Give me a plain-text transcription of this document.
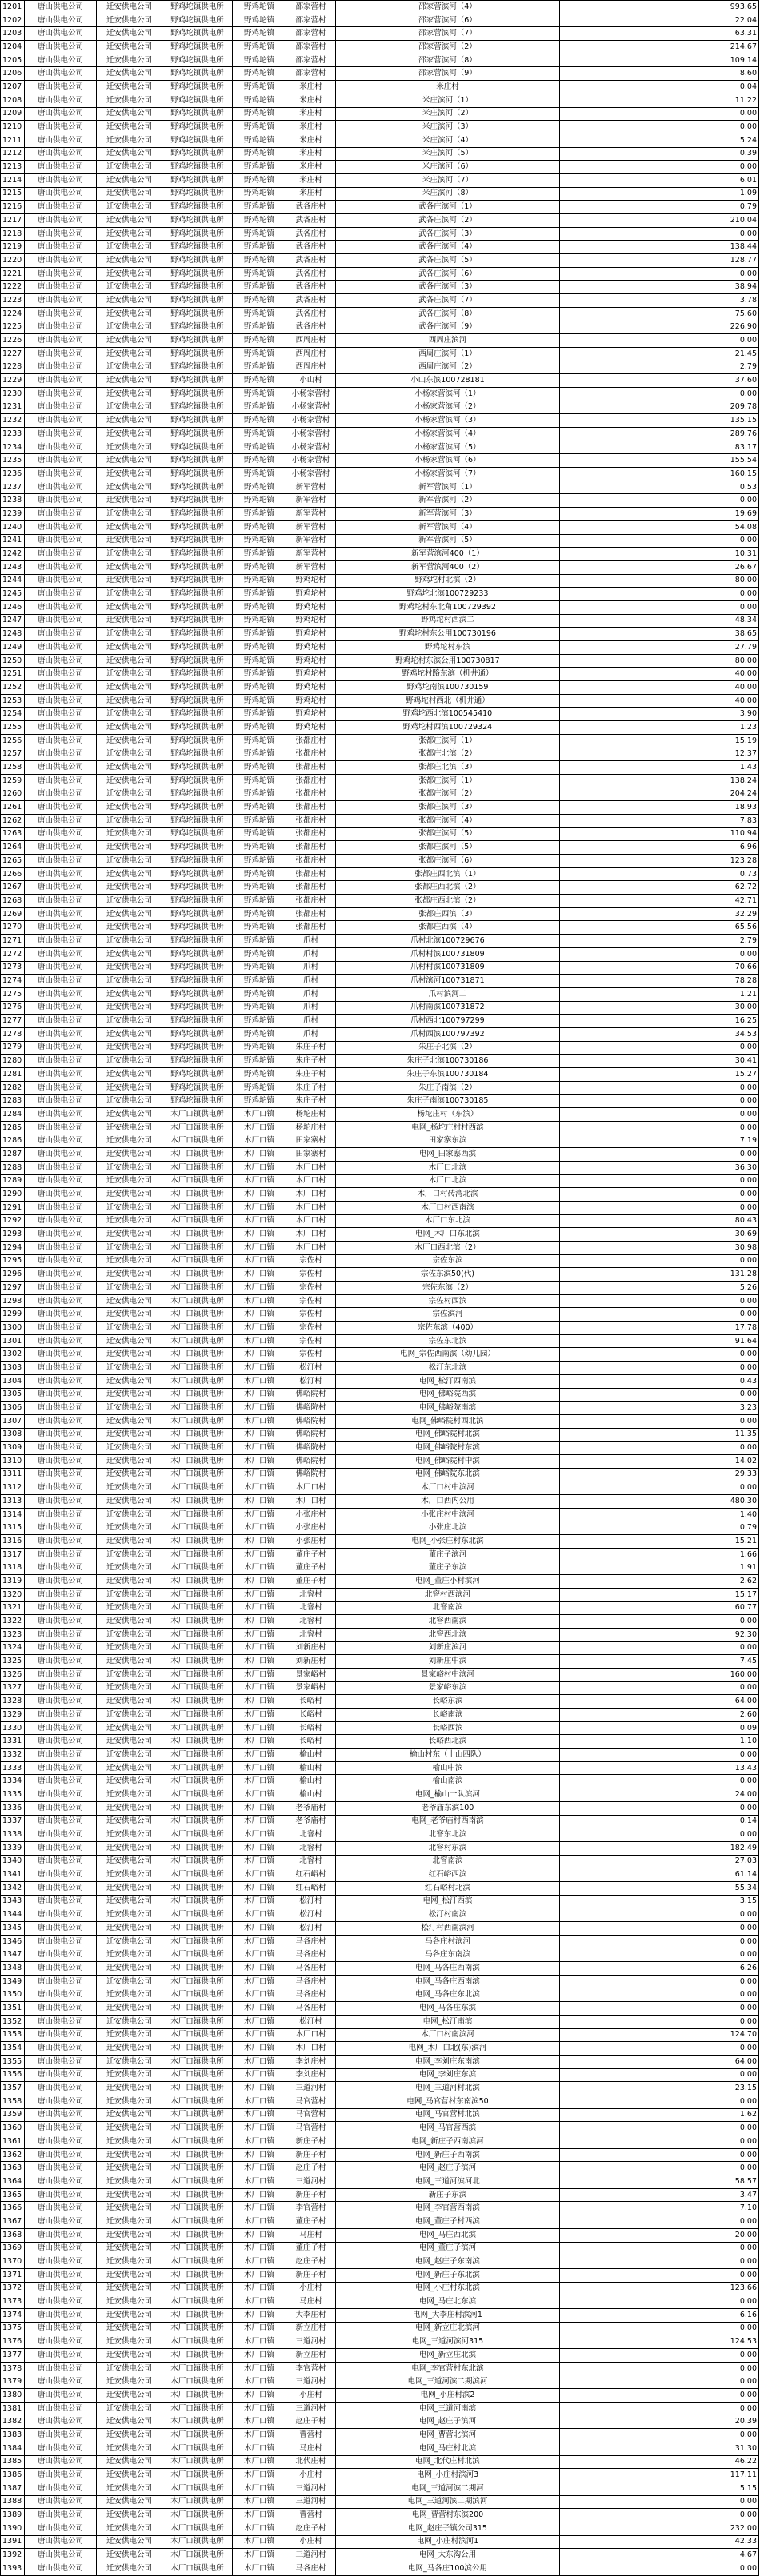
1201	唐山供电公司	迁安供电公司	野鸡坨镇供电所	野鸡坨镇	邵家营村	邵家营滨河（4）	993.65
1202	唐山供电公司	迁安供电公司	野鸡坨镇供电所	野鸡坨镇	邵家营村	邵家营滨河（6）	22.04
1203	唐山供电公司	迁安供电公司	野鸡坨镇供电所	野鸡坨镇	邵家营村	邵家营滨河（7）	63.31
1204	唐山供电公司	迁安供电公司	野鸡坨镇供电所	野鸡坨镇	邵家营村	邵家营滨河（2）	214.67
1205	唐山供电公司	迁安供电公司	野鸡坨镇供电所	野鸡坨镇	邵家营村	邵家营滨河（8）	109.14
1206	唐山供电公司	迁安供电公司	野鸡坨镇供电所	野鸡坨镇	邵家营村	邵家营滨河（9）	8.60
1207	唐山供电公司	迁安供电公司	野鸡坨镇供电所	野鸡坨镇	米庄村	米庄村	0.04
1208	唐山供电公司	迁安供电公司	野鸡坨镇供电所	野鸡坨镇	米庄村	米庄滨河（1）	11.22
1209	唐山供电公司	迁安供电公司	野鸡坨镇供电所	野鸡坨镇	米庄村	米庄滨河（2）	0.00
1210	唐山供电公司	迁安供电公司	野鸡坨镇供电所	野鸡坨镇	米庄村	米庄滨河（3）	0.00
1211	唐山供电公司	迁安供电公司	野鸡坨镇供电所	野鸡坨镇	米庄村	米庄滨河（4）	5.24
1212	唐山供电公司	迁安供电公司	野鸡坨镇供电所	野鸡坨镇	米庄村	米庄滨河（5）	0.39
1213	唐山供电公司	迁安供电公司	野鸡坨镇供电所	野鸡坨镇	米庄村	米庄滨河（6）	0.00
1214	唐山供电公司	迁安供电公司	野鸡坨镇供电所	野鸡坨镇	米庄村	米庄滨河（7）	6.01
1215	唐山供电公司	迁安供电公司	野鸡坨镇供电所	野鸡坨镇	米庄村	米庄滨河（8）	1.09
1216	唐山供电公司	迁安供电公司	野鸡坨镇供电所	野鸡坨镇	武各庄村	武各庄滨河（1）	0.79
1217	唐山供电公司	迁安供电公司	野鸡坨镇供电所	野鸡坨镇	武各庄村	武各庄滨河（2）	210.04
1218	唐山供电公司	迁安供电公司	野鸡坨镇供电所	野鸡坨镇	武各庄村	武各庄滨河（3）	0.00
1219	唐山供电公司	迁安供电公司	野鸡坨镇供电所	野鸡坨镇	武各庄村	武各庄滨河（4）	138.44
1220	唐山供电公司	迁安供电公司	野鸡坨镇供电所	野鸡坨镇	武各庄村	武各庄滨河（5）	128.77
1221	唐山供电公司	迁安供电公司	野鸡坨镇供电所	野鸡坨镇	武各庄村	武各庄滨河（6）	0.00
1222	唐山供电公司	迁安供电公司	野鸡坨镇供电所	野鸡坨镇	武各庄村	武各庄滨河（3）	38.94
1223	唐山供电公司	迁安供电公司	野鸡坨镇供电所	野鸡坨镇	武各庄村	武各庄滨河（7）	3.78
1224	唐山供电公司	迁安供电公司	野鸡坨镇供电所	野鸡坨镇	武各庄村	武各庄滨河（8）	75.60
1225	唐山供电公司	迁安供电公司	野鸡坨镇供电所	野鸡坨镇	武各庄村	武各庄滨河（9）	226.90
1226	唐山供电公司	迁安供电公司	野鸡坨镇供电所	野鸡坨镇	西周庄村	西周庄滨河	0.00
1227	唐山供电公司	迁安供电公司	野鸡坨镇供电所	野鸡坨镇	西周庄村	西周庄滨河（1）	21.45
1228	唐山供电公司	迁安供电公司	野鸡坨镇供电所	野鸡坨镇	西周庄村	西周庄滨河（2）	2.79
1229	唐山供电公司	迁安供电公司	野鸡坨镇供电所	野鸡坨镇	小山村	小山东滨100728181	37.60
1230	唐山供电公司	迁安供电公司	野鸡坨镇供电所	野鸡坨镇	小杨家营村	小杨家营滨河（1）	0.00
1231	唐山供电公司	迁安供电公司	野鸡坨镇供电所	野鸡坨镇	小杨家营村	小杨家营滨河（2）	209.78
1232	唐山供电公司	迁安供电公司	野鸡坨镇供电所	野鸡坨镇	小杨家营村	小杨家营滨河（3）	135.15
1233	唐山供电公司	迁安供电公司	野鸡坨镇供电所	野鸡坨镇	小杨家营村	小杨家营滨河（4）	289.76
1234	唐山供电公司	迁安供电公司	野鸡坨镇供电所	野鸡坨镇	小杨家营村	小杨家营滨河（5）	83.17
1235	唐山供电公司	迁安供电公司	野鸡坨镇供电所	野鸡坨镇	小杨家营村	小杨家营滨河（6）	155.54
1236	唐山供电公司	迁安供电公司	野鸡坨镇供电所	野鸡坨镇	小杨家营村	小杨家营滨河（7）	160.15
1237	唐山供电公司	迁安供电公司	野鸡坨镇供电所	野鸡坨镇	新军营村	新军营滨河（1）	0.53
1238	唐山供电公司	迁安供电公司	野鸡坨镇供电所	野鸡坨镇	新军营村	新军营滨河（2）	0.00
1239	唐山供电公司	迁安供电公司	野鸡坨镇供电所	野鸡坨镇	新军营村	新军营滨河（3）	19.69
1240	唐山供电公司	迁安供电公司	野鸡坨镇供电所	野鸡坨镇	新军营村	新军营滨河（4）	54.08
1241	唐山供电公司	迁安供电公司	野鸡坨镇供电所	野鸡坨镇	新军营村	新军营滨河（5）	0.00
1242	唐山供电公司	迁安供电公司	野鸡坨镇供电所	野鸡坨镇	新军营村	新军营滨河400（1）	10.31
1243	唐山供电公司	迁安供电公司	野鸡坨镇供电所	野鸡坨镇	新军营村	新军营滨河400（2）	26.67
1244	唐山供电公司	迁安供电公司	野鸡坨镇供电所	野鸡坨镇	野鸡坨村	野鸡坨村北滨（2）	80.00
1245	唐山供电公司	迁安供电公司	野鸡坨镇供电所	野鸡坨镇	野鸡坨村	野鸡坨北滨100729233	0.00
1246	唐山供电公司	迁安供电公司	野鸡坨镇供电所	野鸡坨镇	野鸡坨村	野鸡坨村东北角100729392	0.00
1247	唐山供电公司	迁安供电公司	野鸡坨镇供电所	野鸡坨镇	野鸡坨村	野鸡坨村西滨二	48.34
1248	唐山供电公司	迁安供电公司	野鸡坨镇供电所	野鸡坨镇	野鸡坨村	野鸡坨村东公用100730196	38.65
1249	唐山供电公司	迁安供电公司	野鸡坨镇供电所	野鸡坨镇	野鸡坨村	野鸡坨村东滨	27.79
1250	唐山供电公司	迁安供电公司	野鸡坨镇供电所	野鸡坨镇	野鸡坨村	野鸡坨村东滨公用100730817	80.00
1251	唐山供电公司	迁安供电公司	野鸡坨镇供电所	野鸡坨镇	野鸡坨村	野鸡坨村路东滨（机井通）	40.00
1252	唐山供电公司	迁安供电公司	野鸡坨镇供电所	野鸡坨镇	野鸡坨村	野鸡坨南滨100730159	40.00
1253	唐山供电公司	迁安供电公司	野鸡坨镇供电所	野鸡坨镇	野鸡坨村	野鸡坨村西北（机井通）	40.00
1254	唐山供电公司	迁安供电公司	野鸡坨镇供电所	野鸡坨镇	野鸡坨村	野鸡坨西北滨100545410	3.90
1255	唐山供电公司	迁安供电公司	野鸡坨镇供电所	野鸡坨镇	野鸡坨村	野鸡坨村西滨100729324	1.23
1256	唐山供电公司	迁安供电公司	野鸡坨镇供电所	野鸡坨镇	张都庄村	张都庄滨河（1）	15.19
1257	唐山供电公司	迁安供电公司	野鸡坨镇供电所	野鸡坨镇	张都庄村	张都庄北滨（2）	12.37
1258	唐山供电公司	迁安供电公司	野鸡坨镇供电所	野鸡坨镇	张都庄村	张都庄北滨（3）	1.43
1259	唐山供电公司	迁安供电公司	野鸡坨镇供电所	野鸡坨镇	张都庄村	张都庄滨河（1）	138.24
1260	唐山供电公司	迁安供电公司	野鸡坨镇供电所	野鸡坨镇	张都庄村	张都庄滨河（2）	204.24
1261	唐山供电公司	迁安供电公司	野鸡坨镇供电所	野鸡坨镇	张都庄村	张都庄滨河（3）	18.93
1262	唐山供电公司	迁安供电公司	野鸡坨镇供电所	野鸡坨镇	张都庄村	张都庄滨河（4）	7.83
1263	唐山供电公司	迁安供电公司	野鸡坨镇供电所	野鸡坨镇	张都庄村	张都庄滨河（5）	110.94
1264	唐山供电公司	迁安供电公司	野鸡坨镇供电所	野鸡坨镇	张都庄村	张都庄滨河（5）	6.96
1265	唐山供电公司	迁安供电公司	野鸡坨镇供电所	野鸡坨镇	张都庄村	张都庄滨河（6）	123.28
1266	唐山供电公司	迁安供电公司	野鸡坨镇供电所	野鸡坨镇	张都庄村	张都庄西北滨（1）	0.73
1267	唐山供电公司	迁安供电公司	野鸡坨镇供电所	野鸡坨镇	张都庄村	张都庄西北滨（2）	62.72
1268	唐山供电公司	迁安供电公司	野鸡坨镇供电所	野鸡坨镇	张都庄村	张都庄西北滨（2）	42.71
1269	唐山供电公司	迁安供电公司	野鸡坨镇供电所	野鸡坨镇	张都庄村	张都庄西滨（3）	32.29
1270	唐山供电公司	迁安供电公司	野鸡坨镇供电所	野鸡坨镇	张都庄村	张都庄西滨（4）	65.56
1271	唐山供电公司	迁安供电公司	野鸡坨镇供电所	野鸡坨镇	爪村	爪村北滨100729676	2.79
1272	唐山供电公司	迁安供电公司	野鸡坨镇供电所	野鸡坨镇	爪村	爪村村滨100731809	0.00
1273	唐山供电公司	迁安供电公司	野鸡坨镇供电所	野鸡坨镇	爪村	爪村村滨100731809	70.66
1274	唐山供电公司	迁安供电公司	野鸡坨镇供电所	野鸡坨镇	爪村	爪村滨河100731871	78.28
1275	唐山供电公司	迁安供电公司	野鸡坨镇供电所	野鸡坨镇	爪村	爪村滨河二	1.21
1276	唐山供电公司	迁安供电公司	野鸡坨镇供电所	野鸡坨镇	爪村	爪村南滨100731872	30.00
1277	唐山供电公司	迁安供电公司	野鸡坨镇供电所	野鸡坨镇	爪村	爪村西北100797299	16.25
1278	唐山供电公司	迁安供电公司	野鸡坨镇供电所	野鸡坨镇	爪村	爪村西滨100797392	34.53
1279	唐山供电公司	迁安供电公司	野鸡坨镇供电所	野鸡坨镇	朱庄子村	朱庄子北滨（2）	0.00
1280	唐山供电公司	迁安供电公司	野鸡坨镇供电所	野鸡坨镇	朱庄子村	朱庄子北滨100730186	30.41
1281	唐山供电公司	迁安供电公司	野鸡坨镇供电所	野鸡坨镇	朱庄子村	朱庄子东滨100730184	15.27
1282	唐山供电公司	迁安供电公司	野鸡坨镇供电所	野鸡坨镇	朱庄子村	朱庄子南滨（2）	0.00
1283	唐山供电公司	迁安供电公司	野鸡坨镇供电所	野鸡坨镇	朱庄子村	朱庄子南滨100730185	0.00
1284	唐山供电公司	迁安供电公司	木厂口镇供电所	木厂口镇	杨坨庄村	杨坨庄村（东滨）	0.00
1285	唐山供电公司	迁安供电公司	木厂口镇供电所	木厂口镇	杨坨庄村	电网_杨坨庄村村西滨	0.00
1286	唐山供电公司	迁安供电公司	木厂口镇供电所	木厂口镇	田家寨村	田家寨东滨	7.19
1287	唐山供电公司	迁安供电公司	木厂口镇供电所	木厂口镇	田家寨村	电网_田家寨西滨	0.00
1288	唐山供电公司	迁安供电公司	木厂口镇供电所	木厂口镇	木厂口村	木厂口北滨	36.30
1289	唐山供电公司	迁安供电公司	木厂口镇供电所	木厂口镇	木厂口村	木厂口北滨	0.00
1290	唐山供电公司	迁安供电公司	木厂口镇供电所	木厂口镇	木厂口村	木厂口村砖湾北滨	0.00
1291	唐山供电公司	迁安供电公司	木厂口镇供电所	木厂口镇	木厂口村	木厂口村西南滨	0.00
1292	唐山供电公司	迁安供电公司	木厂口镇供电所	木厂口镇	木厂口村	木厂口东北滨	80.43
1293	唐山供电公司	迁安供电公司	木厂口镇供电所	木厂口镇	木厂口村	电网_木厂口东北滨	30.69
1294	唐山供电公司	迁安供电公司	木厂口镇供电所	木厂口镇	木厂口村	木厂口西北滨（2）	30.98
1295	唐山供电公司	迁安供电公司	木厂口镇供电所	木厂口镇	宗佐村	宗佐东滨	0.00
1296	唐山供电公司	迁安供电公司	木厂口镇供电所	木厂口镇	宗佐村	宗佐东滨50(代)	131.28
1297	唐山供电公司	迁安供电公司	木厂口镇供电所	木厂口镇	宗佐村	宗佐东滨（2）	5.26
1298	唐山供电公司	迁安供电公司	木厂口镇供电所	木厂口镇	宗佐村	宗佐村西滨	0.00
1299	唐山供电公司	迁安供电公司	木厂口镇供电所	木厂口镇	宗佐村	宗佐滨河	0.00
1300	唐山供电公司	迁安供电公司	木厂口镇供电所	木厂口镇	宗佐村	宗佐东滨（400）	17.78
1301	唐山供电公司	迁安供电公司	木厂口镇供电所	木厂口镇	宗佐村	宗佐东北滨	91.64
1302	唐山供电公司	迁安供电公司	木厂口镇供电所	木厂口镇	宗佐村	电网_宗佐西南滨（幼儿园）	0.00
1303	唐山供电公司	迁安供电公司	木厂口镇供电所	木厂口镇	松汀村	松汀东北滨	0.00
1304	唐山供电公司	迁安供电公司	木厂口镇供电所	木厂口镇	松汀村	电网_松汀西南滨	0.43
1305	唐山供电公司	迁安供电公司	木厂口镇供电所	木厂口镇	佛峪院村	电网_佛峪院西滨	0.00
1306	唐山供电公司	迁安供电公司	木厂口镇供电所	木厂口镇	佛峪院村	电网_佛峪院南滨	3.23
1307	唐山供电公司	迁安供电公司	木厂口镇供电所	木厂口镇	佛峪院村	电网_佛峪院村西北滨	0.00
1308	唐山供电公司	迁安供电公司	木厂口镇供电所	木厂口镇	佛峪院村	电网_佛峪院村北滨	11.35
1309	唐山供电公司	迁安供电公司	木厂口镇供电所	木厂口镇	佛峪院村	电网_佛峪院村东滨	0.00
1310	唐山供电公司	迁安供电公司	木厂口镇供电所	木厂口镇	佛峪院村	电网_佛峪院村中滨	14.02
1311	唐山供电公司	迁安供电公司	木厂口镇供电所	木厂口镇	佛峪院村	电网_佛峪院东北滨	29.33
1312	唐山供电公司	迁安供电公司	木厂口镇供电所	木厂口镇	木厂口村	木厂口村中滨河	0.00
1313	唐山供电公司	迁安供电公司	木厂口镇供电所	木厂口镇	木厂口村	木厂口西内公用	480.30
1314	唐山供电公司	迁安供电公司	木厂口镇供电所	木厂口镇	小张庄村	小张庄村中滨河	1.40
1315	唐山供电公司	迁安供电公司	木厂口镇供电所	木厂口镇	小张庄村	小张庄北滨	0.79
1316	唐山供电公司	迁安供电公司	木厂口镇供电所	木厂口镇	小张庄村	电网_小张庄村东北滨	15.21
1317	唐山供电公司	迁安供电公司	木厂口镇供电所	木厂口镇	董庄子村	董庄子滨河	1.66
1318	唐山供电公司	迁安供电公司	木厂口镇供电所	木厂口镇	董庄子村	董庄子东滨	1.91
1319	唐山供电公司	迁安供电公司	木厂口镇供电所	木厂口镇	董庄子村	电网_董庄小村滨河	2.62
1320	唐山供电公司	迁安供电公司	木厂口镇供电所	木厂口镇	北窨村	北窨村西滨河	15.17
1321	唐山供电公司	迁安供电公司	木厂口镇供电所	木厂口镇	北窨村	北窨南滨	60.77
1322	唐山供电公司	迁安供电公司	木厂口镇供电所	木厂口镇	北窨村	北窨西南滨	0.00
1323	唐山供电公司	迁安供电公司	木厂口镇供电所	木厂口镇	北窨村	北窨西北滨	92.30
1324	唐山供电公司	迁安供电公司	木厂口镇供电所	木厂口镇	刘新庄村	刘新庄滨河	0.00
1325	唐山供电公司	迁安供电公司	木厂口镇供电所	木厂口镇	刘新庄村	刘新庄中滨	7.45
1326	唐山供电公司	迁安供电公司	木厂口镇供电所	木厂口镇	景家峪村	景家峪村中滨河	160.00
1327	唐山供电公司	迁安供电公司	木厂口镇供电所	木厂口镇	景家峪村	景家峪东滨	0.00
1328	唐山供电公司	迁安供电公司	木厂口镇供电所	木厂口镇	长峪村	长峪东滨	64.00
1329	唐山供电公司	迁安供电公司	木厂口镇供电所	木厂口镇	长峪村	长峪南滨	2.60
1330	唐山供电公司	迁安供电公司	木厂口镇供电所	木厂口镇	长峪村	长峪西滨	0.09
1331	唐山供电公司	迁安供电公司	木厂口镇供电所	木厂口镇	长峪村	长峪西北滨	1.10
1332	唐山供电公司	迁安供电公司	木厂口镇供电所	木厂口镇	榆山村	榆山村东（十山四队）	0.00
1333	唐山供电公司	迁安供电公司	木厂口镇供电所	木厂口镇	榆山村	榆山中滨	13.43
1334	唐山供电公司	迁安供电公司	木厂口镇供电所	木厂口镇	榆山村	榆山南滨	0.00
1335	唐山供电公司	迁安供电公司	木厂口镇供电所	木厂口镇	榆山村	电网_榆山一队滨河	24.00
1336	唐山供电公司	迁安供电公司	木厂口镇供电所	木厂口镇	老爷庙村	老爷庙东滨100	0.00
1337	唐山供电公司	迁安供电公司	木厂口镇供电所	木厂口镇	老爷庙村	电网_老爷庙村西南滨	0.14
1338	唐山供电公司	迁安供电公司	木厂口镇供电所	木厂口镇	北窨村	北窨东北滨	0.00
1339	唐山供电公司	迁安供电公司	木厂口镇供电所	木厂口镇	北窨村	北窨村东滨	182.49
1340	唐山供电公司	迁安供电公司	木厂口镇供电所	木厂口镇	北窨村	北窨南滨	27.03
1341	唐山供电公司	迁安供电公司	木厂口镇供电所	木厂口镇	红石峪村	红石峪西滨	61.14
1342	唐山供电公司	迁安供电公司	木厂口镇供电所	木厂口镇	红石峪村	红石峪村北滨	55.34
1343	唐山供电公司	迁安供电公司	木厂口镇供电所	木厂口镇	松汀村	电网_松汀西滨	3.15
1344	唐山供电公司	迁安供电公司	木厂口镇供电所	木厂口镇	松汀村	松汀村南滨	0.00
1345	唐山供电公司	迁安供电公司	木厂口镇供电所	木厂口镇	松汀村	松汀村西南滨河	0.00
1346	唐山供电公司	迁安供电公司	木厂口镇供电所	木厂口镇	马各庄村	马各庄村滨河	0.00
1347	唐山供电公司	迁安供电公司	木厂口镇供电所	木厂口镇	马各庄村	马各庄东南滨	0.00
1348	唐山供电公司	迁安供电公司	木厂口镇供电所	木厂口镇	马各庄村	电网_马各庄西南滨	6.26
1349	唐山供电公司	迁安供电公司	木厂口镇供电所	木厂口镇	马各庄村	电网_马各庄西南滨	0.00
1350	唐山供电公司	迁安供电公司	木厂口镇供电所	木厂口镇	马各庄村	电网_马各庄东北滨	0.00
1351	唐山供电公司	迁安供电公司	木厂口镇供电所	木厂口镇	马各庄村	电网_马各庄东滨	0.00
1352	唐山供电公司	迁安供电公司	木厂口镇供电所	木厂口镇	松汀村	电网_松汀南滨	0.00
1353	唐山供电公司	迁安供电公司	木厂口镇供电所	木厂口镇	木厂口村	木厂口村南滨河	124.70
1354	唐山供电公司	迁安供电公司	木厂口镇供电所	木厂口镇	木厂口村	电网_木厂口北(东)滨河	0.00
1355	唐山供电公司	迁安供电公司	木厂口镇供电所	木厂口镇	李刘庄村	电网_李刘庄东南滨	64.00
1356	唐山供电公司	迁安供电公司	木厂口镇供电所	木厂口镇	李刘庄村	电网_李刘庄东滨	0.00
1357	唐山供电公司	迁安供电公司	木厂口镇供电所	木厂口镇	三道河村	电网_三道河村北滨	23.15
1358	唐山供电公司	迁安供电公司	木厂口镇供电所	木厂口镇	马官营村	电网_马官营村东南滨50	0.00
1359	唐山供电公司	迁安供电公司	木厂口镇供电所	木厂口镇	马官营村	电网_马官营村北滨	1.62
1360	唐山供电公司	迁安供电公司	木厂口镇供电所	木厂口镇	马官营村	电网_马官营西滨	0.00
1361	唐山供电公司	迁安供电公司	木厂口镇供电所	木厂口镇	新庄子村	电网_新庄子西南滨河	0.00
1362	唐山供电公司	迁安供电公司	木厂口镇供电所	木厂口镇	新庄子村	电网_新庄子西南滨	0.00
1363	唐山供电公司	迁安供电公司	木厂口镇供电所	木厂口镇	赵庄子村	电网_赵庄子滨河	0.00
1364	唐山供电公司	迁安供电公司	木厂口镇供电所	木厂口镇	三道河村	电网_三道河滨河北	58.57
1365	唐山供电公司	迁安供电公司	木厂口镇供电所	木厂口镇	新庄子村	新庄子东滨	3.47
1366	唐山供电公司	迁安供电公司	木厂口镇供电所	木厂口镇	李官营村	电网_李官营西南滨	7.10
1367	唐山供电公司	迁安供电公司	木厂口镇供电所	木厂口镇	董庄子村	电网_董庄子村西滨	0.00
1368	唐山供电公司	迁安供电公司	木厂口镇供电所	木厂口镇	马庄村	电网_马庄西北滨	20.00
1369	唐山供电公司	迁安供电公司	木厂口镇供电所	木厂口镇	董庄子村	电网_董庄子滨河	0.00
1370	唐山供电公司	迁安供电公司	木厂口镇供电所	木厂口镇	赵庄子村	电网_赵庄子东南滨	0.00
1371	唐山供电公司	迁安供电公司	木厂口镇供电所	木厂口镇	新庄子村	电网_新庄子东北滨	0.00
1372	唐山供电公司	迁安供电公司	木厂口镇供电所	木厂口镇	小庄村	电网_小庄村东北滨	123.66
1373	唐山供电公司	迁安供电公司	木厂口镇供电所	木厂口镇	马庄村	电网_马庄北东滨	0.00
1374	唐山供电公司	迁安供电公司	木厂口镇供电所	木厂口镇	大李庄村	电网_大李庄村滨河1	6.16
1375	唐山供电公司	迁安供电公司	木厂口镇供电所	木厂口镇	新立庄村	电网_新立庄北滨河	0.00
1376	唐山供电公司	迁安供电公司	木厂口镇供电所	木厂口镇	三道河村	电网_三道河滨河315	124.53
1377	唐山供电公司	迁安供电公司	木厂口镇供电所	木厂口镇	新立庄村	电网_新立庄北滨	0.00
1378	唐山供电公司	迁安供电公司	木厂口镇供电所	木厂口镇	李官营村	电网_李官营村东北滨	0.00
1379	唐山供电公司	迁安供电公司	木厂口镇供电所	木厂口镇	三道河村	电网_三道河滨二期滨河	0.00
1380	唐山供电公司	迁安供电公司	木厂口镇供电所	木厂口镇	小庄村	电网_小庄村滨2	0.00
1381	唐山供电公司	迁安供电公司	木厂口镇供电所	木厂口镇	三道河村	电网_三道河南滨	0.00
1382	唐山供电公司	迁安供电公司	木厂口镇供电所	木厂口镇	赵庄子村	电网_赵庄子滨河	20.39
1383	唐山供电公司	迁安供电公司	木厂口镇供电所	木厂口镇	曹营村	电网_曹营北滨河	0.00
1384	唐山供电公司	迁安供电公司	木厂口镇供电所	木厂口镇	马庄村	电网_马庄村北滨	31.30
1385	唐山供电公司	迁安供电公司	木厂口镇供电所	木厂口镇	北代庄村	电网_北代庄村北滨	46.22
1386	唐山供电公司	迁安供电公司	木厂口镇供电所	木厂口镇	小庄村	电网_小庄村滨河3	117.11
1387	唐山供电公司	迁安供电公司	木厂口镇供电所	木厂口镇	三道河村	电网_三道河滨二期河	5.15
1388	唐山供电公司	迁安供电公司	木厂口镇供电所	木厂口镇	三道河村	电网_三道河滨二期滨河	0.00
1389	唐山供电公司	迁安供电公司	木厂口镇供电所	木厂口镇	曹营村	电网_曹营村东滨200	0.00
1390	唐山供电公司	迁安供电公司	木厂口镇供电所	木厂口镇	赵庄子村	电网_赵庄子镇公司315	232.00
1391	唐山供电公司	迁安供电公司	木厂口镇供电所	木厂口镇	小庄村	电网_小庄村滨河1	42.33
1392	唐山供电公司	迁安供电公司	木厂口镇供电所	木厂口镇	三道河村	电网_大东沟公用	4.67
1393	唐山供电公司	迁安供电公司	木厂口镇供电所	木厂口镇	马各庄村	电网_马各庄100滨公用	0.00
